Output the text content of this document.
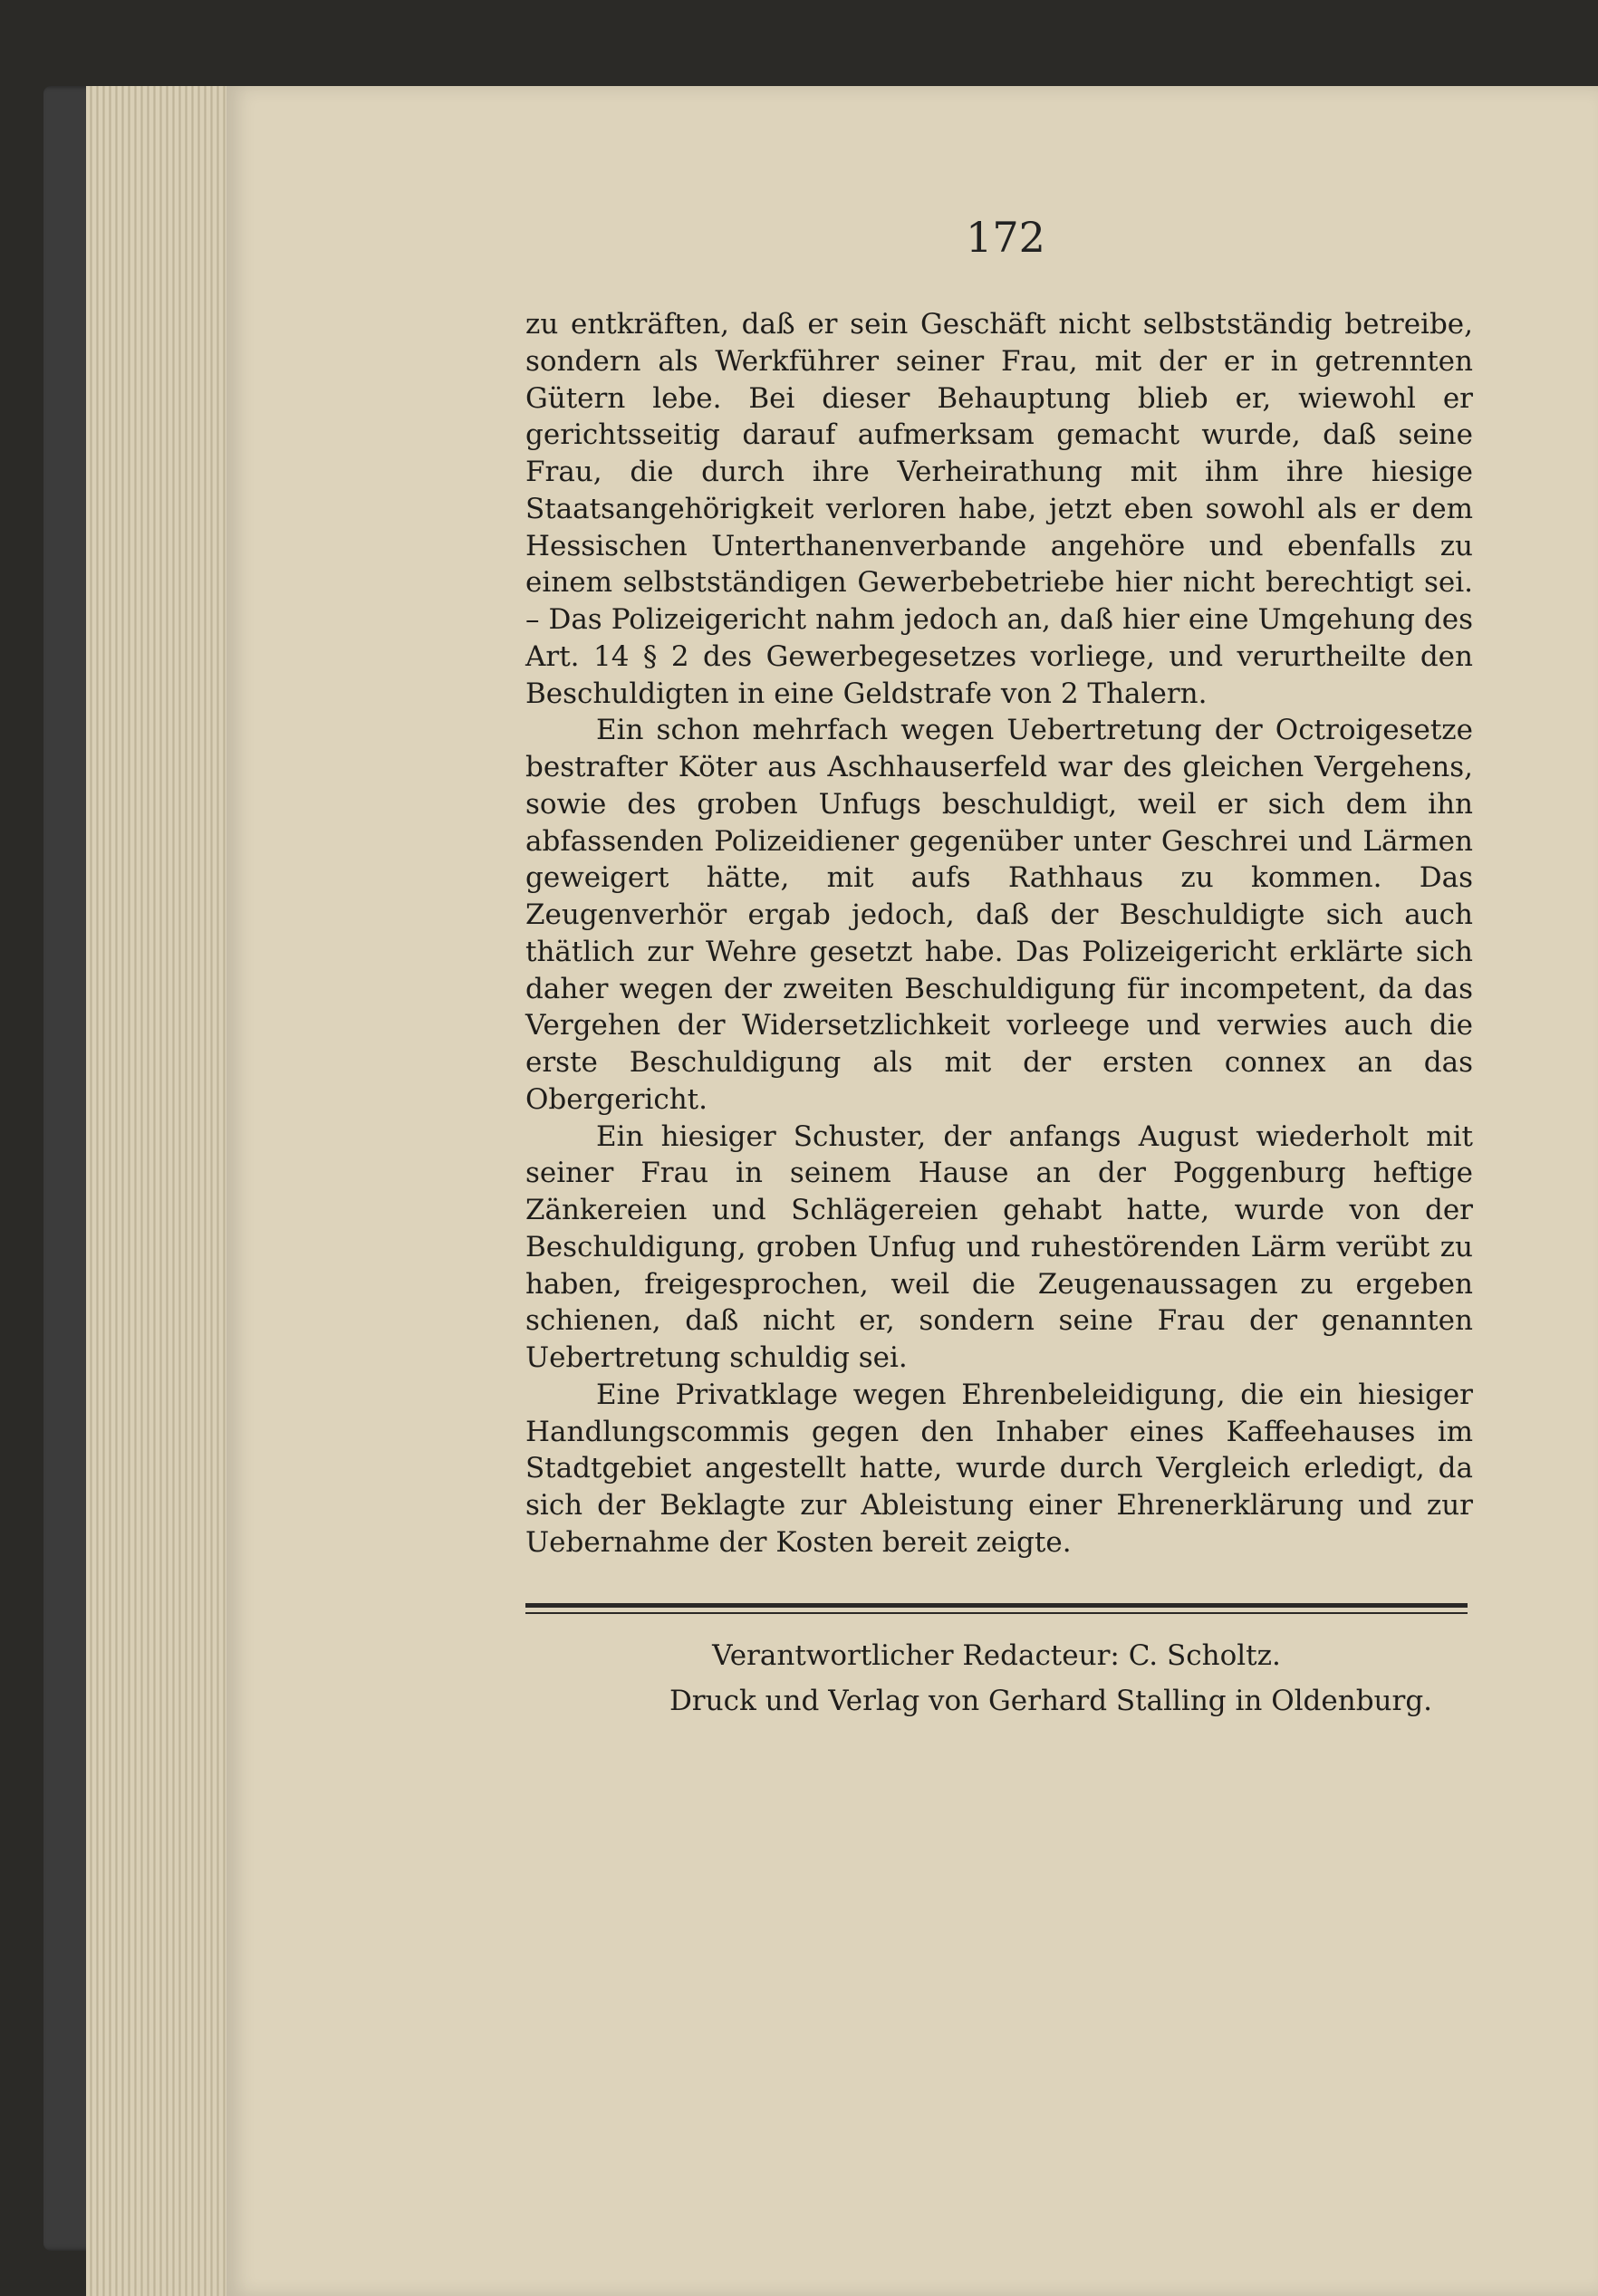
172

zu entkräften, daß er sein Geschäft nicht selbstständig betreibe, sondern als Werkführer seiner Frau, mit der er in getrennten Gütern lebe. Bei dieser Behauptung blieb er, wiewohl er gerichtsseitig darauf aufmerksam gemacht wurde, daß seine Frau, die durch ihre Verheirathung mit ihm ihre hiesige Staatsangehörigkeit verloren habe, jetzt eben sowohl als er dem Hessischen Unterthanenverbande angehöre und ebenfalls zu einem selbstständigen Gewerbebetriebe hier nicht berechtigt sei. – Das Polizeigericht nahm jedoch an, daß hier eine Umgehung des Art. 14 § 2 des Gewerbegesetzes vorliege, und verurtheilte den Beschuldigten in eine Geldstrafe von 2 Thalern.

Ein schon mehrfach wegen Uebertretung der Octroigesetze bestrafter Köter aus Aschhauserfeld war des gleichen Vergehens, sowie des groben Unfugs beschuldigt, weil er sich dem ihn abfassenden Polizeidiener gegenüber unter Geschrei und Lärmen geweigert hätte, mit aufs Rathhaus zu kommen. Das Zeugenverhör ergab jedoch, daß der Beschuldigte sich auch thätlich zur Wehre gesetzt habe. Das Polizeigericht erklärte sich daher wegen der zweiten Beschuldigung für incompetent, da das Vergehen der Widersetzlichkeit vorleege und verwies auch die erste Beschuldigung als mit der ersten connex an das Obergericht.

Ein hiesiger Schuster, der anfangs August wiederholt mit seiner Frau in seinem Hause an der Poggenburg heftige Zänkereien und Schlägereien gehabt hatte, wurde von der Beschuldigung, groben Unfug und ruhestörenden Lärm verübt zu haben, freigesprochen, weil die Zeugenaussagen zu ergeben schienen, daß nicht er, sondern seine Frau der genannten Uebertretung schuldig sei.

Eine Privatklage wegen Ehrenbeleidigung, die ein hiesiger Handlungscommis gegen den Inhaber eines Kaffeehauses im Stadtgebiet angestellt hatte, wurde durch Vergleich erledigt, da sich der Beklagte zur Ableistung einer Ehrenerklärung und zur Uebernahme der Kosten bereit zeigte.

Verantwortlicher Redacteur: C. Scholtz.
Druck und Verlag von Gerhard Stalling in Oldenburg.
